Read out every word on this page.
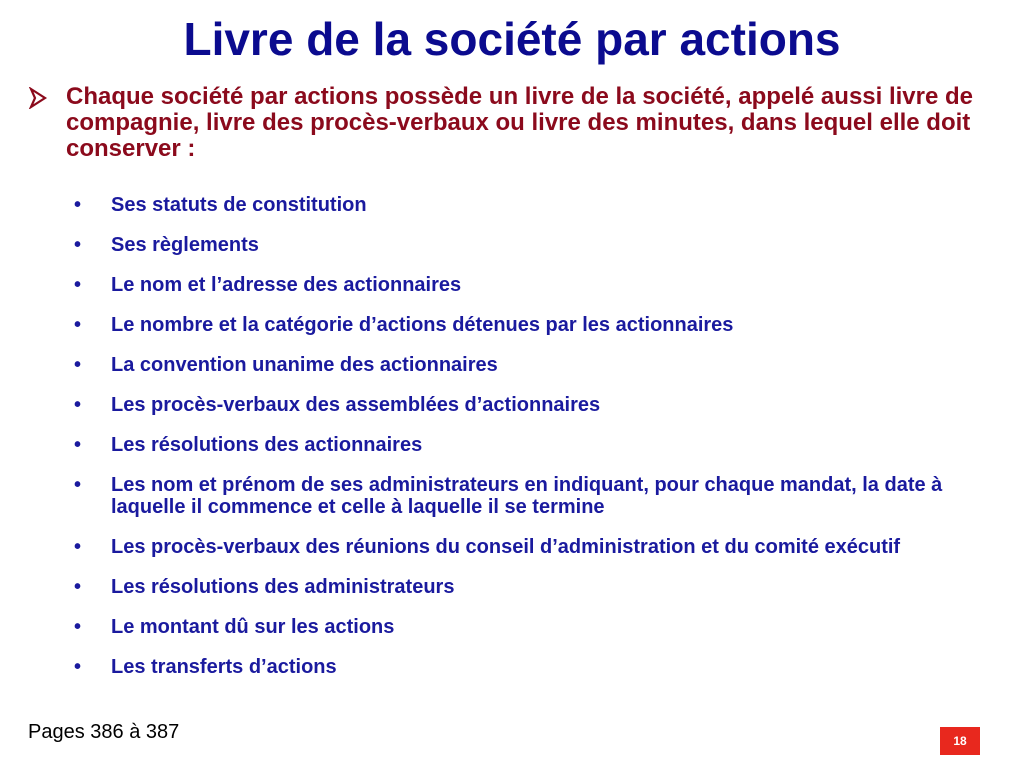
Livre de la société par actions
Chaque société par actions possède un livre de la société, appelé aussi livre de compagnie, livre des procès-verbaux ou livre des minutes, dans lequel elle doit conserver :
•	Ses statuts de constitution
•	Ses règlements
•	Le nom et l’adresse des actionnaires
•	Le nombre et la catégorie d’actions détenues par les actionnaires
•	La convention unanime des actionnaires
•	Les procès-verbaux des assemblées d’actionnaires
•	Les résolutions des actionnaires
•	Les nom et prénom de ses administrateurs en indiquant, pour chaque mandat, la date à laquelle il commence et celle à laquelle il se termine
•	Les procès-verbaux des réunions du conseil d’administration et du comité exécutif
•	Les résolutions des administrateurs
•	Le montant dû sur les actions
•	Les transferts d’actions
Pages 386 à 387	18
